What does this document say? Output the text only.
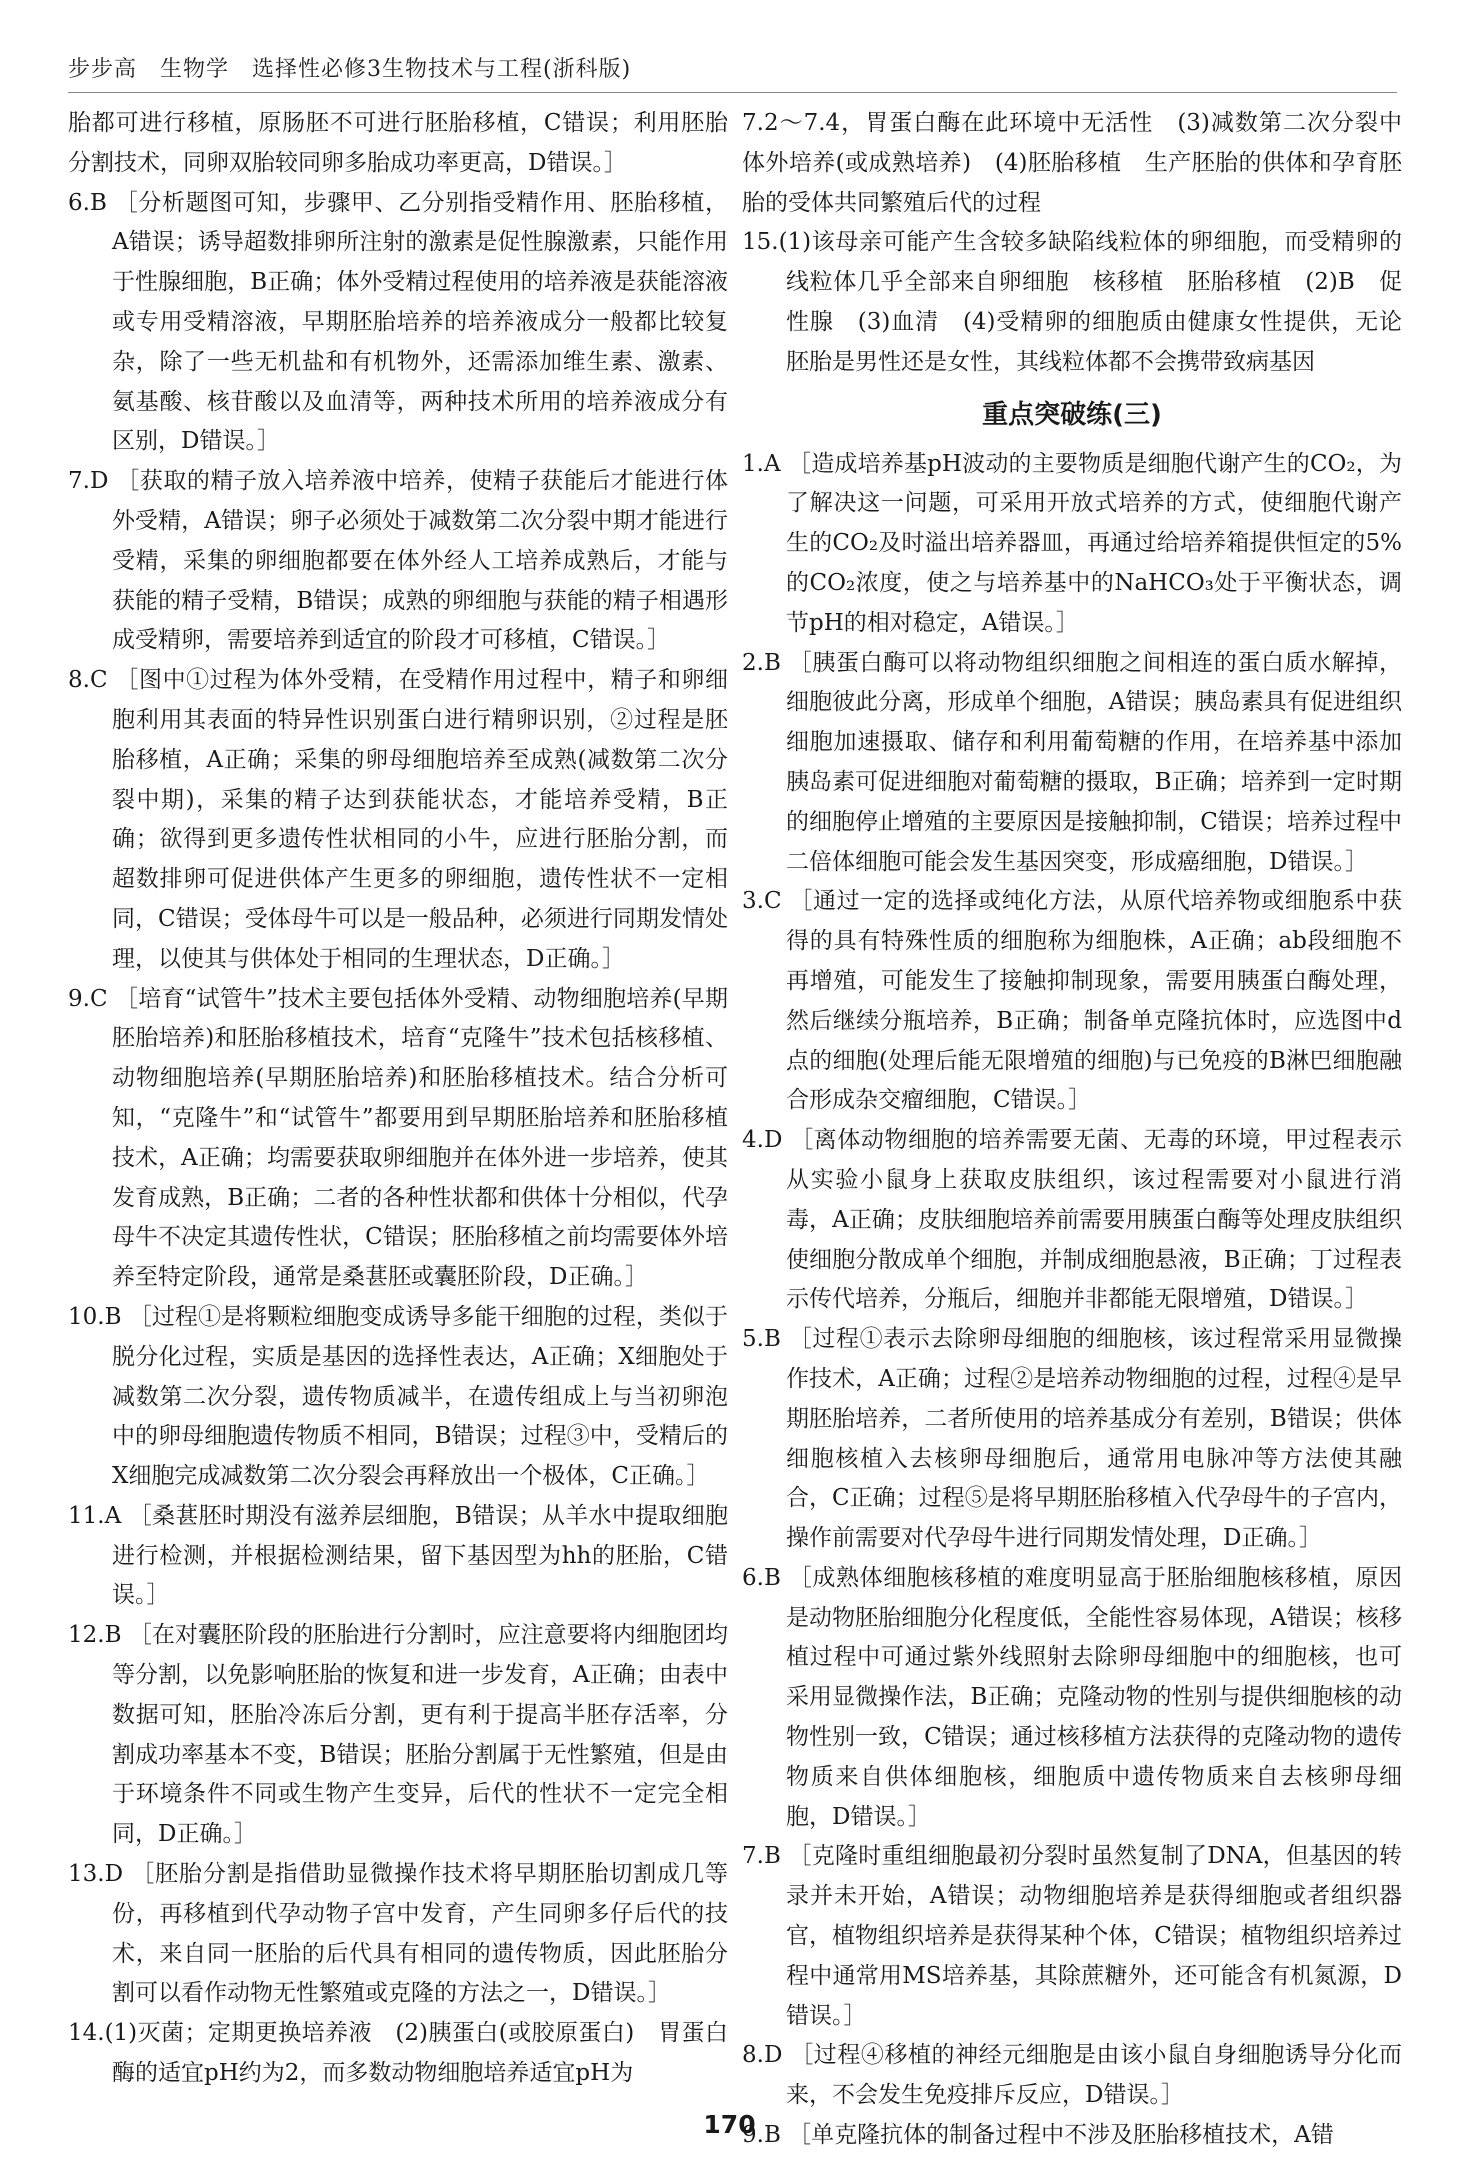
步步高　生物学　选择性必修3生物技术与工程(浙科版)

胎都可进行移植，原肠胚不可进行胚胎移植，C错误；利用胚胎分割技术，同卵双胎较同卵多胎成功率更高，D错误。］

6.B ［分析题图可知，步骤甲、乙分别指受精作用、胚胎移植，A错误；诱导超数排卵所注射的激素是促性腺激素，只能作用于性腺细胞，B正确；体外受精过程使用的培养液是获能溶液或专用受精溶液，早期胚胎培养的培养液成分一般都比较复杂，除了一些无机盐和有机物外，还需添加维生素、激素、氨基酸、核苷酸以及血清等，两种技术所用的培养液成分有区别，D错误。］

7.D ［获取的精子放入培养液中培养，使精子获能后才能进行体外受精，A错误；卵子必须处于减数第二次分裂中期才能进行受精，采集的卵细胞都要在体外经人工培养成熟后，才能与获能的精子受精，B错误；成熟的卵细胞与获能的精子相遇形成受精卵，需要培养到适宜的阶段才可移植，C错误。］

8.C ［图中①过程为体外受精，在受精作用过程中，精子和卵细胞利用其表面的特异性识别蛋白进行精卵识别，②过程是胚胎移植，A正确；采集的卵母细胞培养至成熟(减数第二次分裂中期)，采集的精子达到获能状态，才能培养受精，B正确；欲得到更多遗传性状相同的小牛，应进行胚胎分割，而超数排卵可促进供体产生更多的卵细胞，遗传性状不一定相同，C错误；受体母牛可以是一般品种，必须进行同期发情处理，以使其与供体处于相同的生理状态，D正确。］

9.C ［培育“试管牛”技术主要包括体外受精、动物细胞培养(早期胚胎培养)和胚胎移植技术，培育“克隆牛”技术包括核移植、动物细胞培养(早期胚胎培养)和胚胎移植技术。结合分析可知，“克隆牛”和“试管牛”都要用到早期胚胎培养和胚胎移植技术，A正确；均需要获取卵细胞并在体外进一步培养，使其发育成熟，B正确；二者的各种性状都和供体十分相似，代孕母牛不决定其遗传性状，C错误；胚胎移植之前均需要体外培养至特定阶段，通常是桑葚胚或囊胚阶段，D正确。］

10.B ［过程①是将颗粒细胞变成诱导多能干细胞的过程，类似于脱分化过程，实质是基因的选择性表达，A正确；X细胞处于减数第二次分裂，遗传物质减半，在遗传组成上与当初卵泡中的卵母细胞遗传物质不相同，B错误；过程③中，受精后的X细胞完成减数第二次分裂会再释放出一个极体，C正确。］

11.A ［桑葚胚时期没有滋养层细胞，B错误；从羊水中提取细胞进行检测，并根据检测结果，留下基因型为hh的胚胎，C错误。］

12.B ［在对囊胚阶段的胚胎进行分割时，应注意要将内细胞团均等分割，以免影响胚胎的恢复和进一步发育，A正确；由表中数据可知，胚胎冷冻后分割，更有利于提高半胚存活率，分割成功率基本不变，B错误；胚胎分割属于无性繁殖，但是由于环境条件不同或生物产生变异，后代的性状不一定完全相同，D正确。］

13.D ［胚胎分割是指借助显微操作技术将早期胚胎切割成几等份，再移植到代孕动物子宫中发育，产生同卵多仔后代的技术，来自同一胚胎的后代具有相同的遗传物质，因此胚胎分割可以看作动物无性繁殖或克隆的方法之一，D错误。］

14.(1)灭菌；定期更换培养液　(2)胰蛋白(或胶原蛋白)　胃蛋白酶的适宜pH约为2，而多数动物细胞培养适宜pH为

7.2～7.4，胃蛋白酶在此环境中无活性　(3)减数第二次分裂中　体外培养(或成熟培养)　(4)胚胎移植　生产胚胎的供体和孕育胚胎的受体共同繁殖后代的过程

15.(1)该母亲可能产生含较多缺陷线粒体的卵细胞，而受精卵的线粒体几乎全部来自卵细胞　核移植　胚胎移植　(2)B　促性腺　(3)血清　(4)受精卵的细胞质由健康女性提供，无论胚胎是男性还是女性，其线粒体都不会携带致病基因

重点突破练(三)

1.A ［造成培养基pH波动的主要物质是细胞代谢产生的CO₂，为了解决这一问题，可采用开放式培养的方式，使细胞代谢产生的CO₂及时溢出培养器皿，再通过给培养箱提供恒定的5%的CO₂浓度，使之与培养基中的NaHCO₃处于平衡状态，调节pH的相对稳定，A错误。］

2.B ［胰蛋白酶可以将动物组织细胞之间相连的蛋白质水解掉，细胞彼此分离，形成单个细胞，A错误；胰岛素具有促进组织细胞加速摄取、储存和利用葡萄糖的作用，在培养基中添加胰岛素可促进细胞对葡萄糖的摄取，B正确；培养到一定时期的细胞停止增殖的主要原因是接触抑制，C错误；培养过程中二倍体细胞可能会发生基因突变，形成癌细胞，D错误。］

3.C ［通过一定的选择或纯化方法，从原代培养物或细胞系中获得的具有特殊性质的细胞称为细胞株，A正确；ab段细胞不再增殖，可能发生了接触抑制现象，需要用胰蛋白酶处理，然后继续分瓶培养，B正确；制备单克隆抗体时，应选图中d点的细胞(处理后能无限增殖的细胞)与已免疫的B淋巴细胞融合形成杂交瘤细胞，C错误。］

4.D ［离体动物细胞的培养需要无菌、无毒的环境，甲过程表示从实验小鼠身上获取皮肤组织，该过程需要对小鼠进行消毒，A正确；皮肤细胞培养前需要用胰蛋白酶等处理皮肤组织使细胞分散成单个细胞，并制成细胞悬液，B正确；丁过程表示传代培养，分瓶后，细胞并非都能无限增殖，D错误。］

5.B ［过程①表示去除卵母细胞的细胞核，该过程常采用显微操作技术，A正确；过程②是培养动物细胞的过程，过程④是早期胚胎培养，二者所使用的培养基成分有差别，B错误；供体细胞核植入去核卵母细胞后，通常用电脉冲等方法使其融合，C正确；过程⑤是将早期胚胎移植入代孕母牛的子宫内，操作前需要对代孕母牛进行同期发情处理，D正确。］

6.B ［成熟体细胞核移植的难度明显高于胚胎细胞核移植，原因是动物胚胎细胞分化程度低，全能性容易体现，A错误；核移植过程中可通过紫外线照射去除卵母细胞中的细胞核，也可采用显微操作法，B正确；克隆动物的性别与提供细胞核的动物性别一致，C错误；通过核移植方法获得的克隆动物的遗传物质来自供体细胞核，细胞质中遗传物质来自去核卵母细胞，D错误。］

7.B ［克隆时重组细胞最初分裂时虽然复制了DNA，但基因的转录并未开始，A错误；动物细胞培养是获得细胞或者组织器官，植物组织培养是获得某种个体，C错误；植物组织培养过程中通常用MS培养基，其除蔗糖外，还可能含有机氮源，D错误。］

8.D ［过程④移植的神经元细胞是由该小鼠自身细胞诱导分化而来，不会发生免疫排斥反应，D错误。］

9.B ［单克隆抗体的制备过程中不涉及胚胎移植技术，A错

170
